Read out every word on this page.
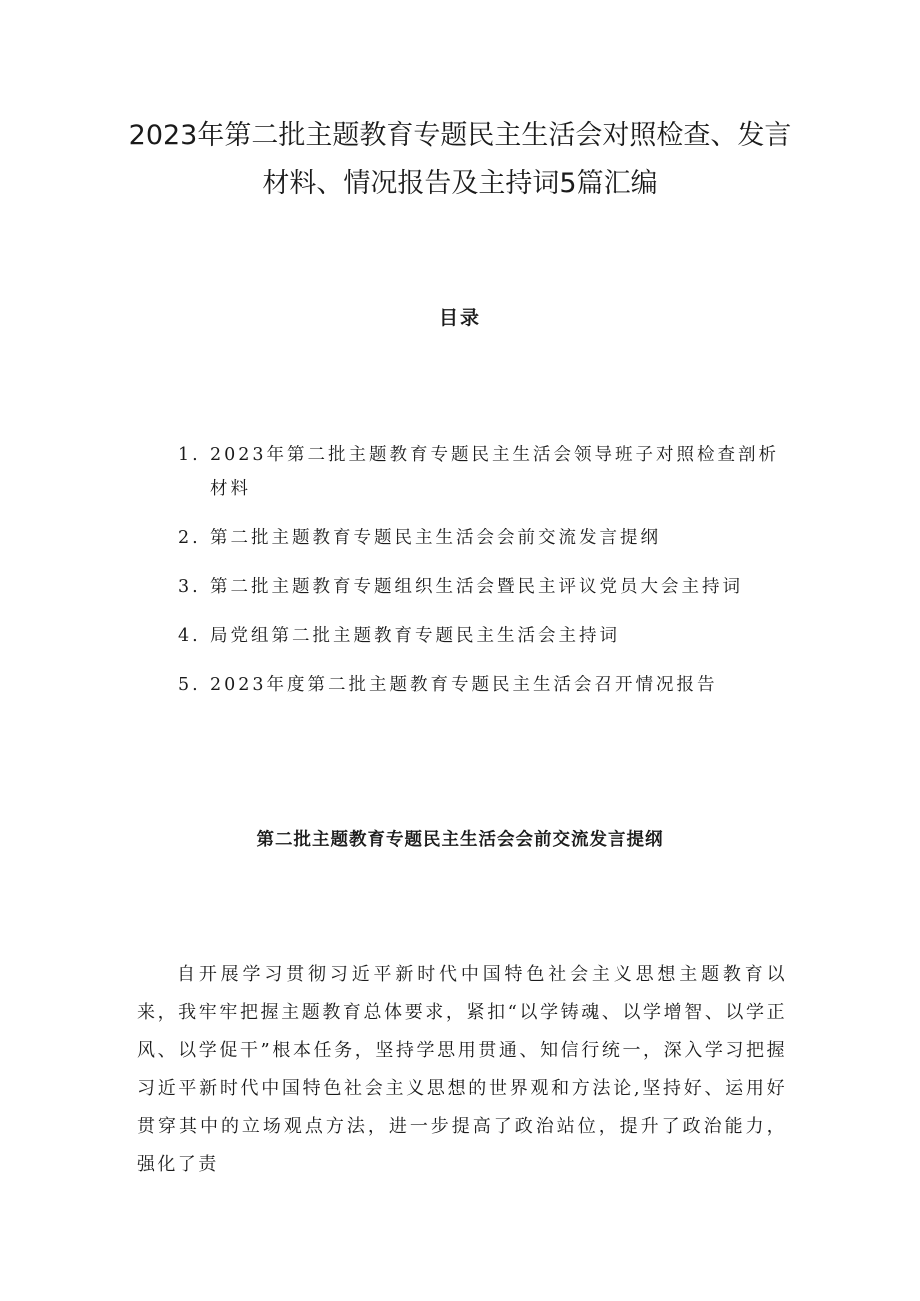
2023年第二批主题教育专题民主生活会对照检查、发言材料、情况报告及主持词5篇汇编
目录
1. 2023年第二批主题教育专题民主生活会领导班子对照检查剖析材料
2. 第二批主题教育专题民主生活会会前交流发言提纲
3. 第二批主题教育专题组织生活会暨民主评议党员大会主持词
4. 局党组第二批主题教育专题民主生活会主持词
5. 2023年度第二批主题教育专题民主生活会召开情况报告
第二批主题教育专题民主生活会会前交流发言提纲

自开展学习贯彻习近平新时代中国特色社会主义思想主题教育以来，我牢牢把握主题教育总体要求，紧扣“以学铸魂、以学增智、以学正风、以学促干”根本任务，坚持学思用贯通、知信行统一，深入学习把握习近平新时代中国特色社会主义思想的世界观和方法论,坚持好、运用好贯穿其中的立场观点方法，进一步提高了政治站位，提升了政治能力，强化了责
